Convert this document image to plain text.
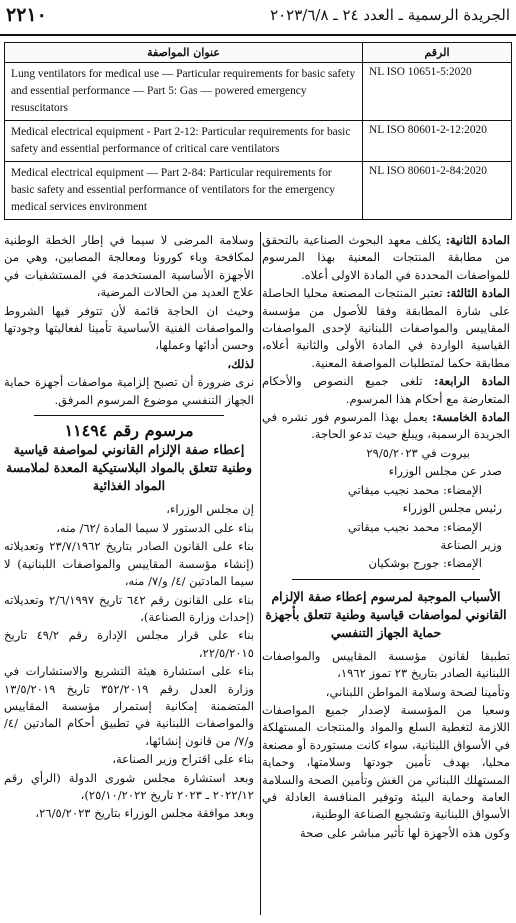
٢٢١٠	الجريدة الرسمية ـ العدد ٢٤ ـ ٢٠٢٣/٦/٨
عنوان المواصفة	الرقم
Lung ventilators for medical use — Particular requirements for basic safety and essential performance — Part 5: Gas — powered emergency resuscitators	NL ISO 10651-5:2020
Medical electrical equipment - Part 2-12: Particular requirements for basic safety and essential performance of critical care ventilators	NL ISO 80601-2-12:2020
Medical electrical equipment — Part 2-84: Particular requirements for basic safety and essential performance of ventilators for the emergency medical services environment	NL ISO 80601-2-84:2020

المادة الثانية: يكلف معهد البحوث الصناعية بالتحقق من مطابقة المنتجات المعنية بهذا المرسوم للمواصفات المحددة في المادة الاولى أعلاه.

المادة الثالثة: تعتبر المنتجات المصنعة محليا الحاصلة على شارة المطابقة وفقا للأصول من مؤسسة المقاييس والمواصفات اللبنانية لإحدى المواصفات القياسية الواردة في المادة الأولى والثانية أعلاه، مطابقة حكما لمتطلبات المواصفة المعنية.

المادة الرابعة: تلغى جميع النصوص والأحكام المتعارضة مع أحكام هذا المرسوم.

المادة الخامسة: يعمل بهذا المرسوم فور نشره في الجريدة الرسمية، ويبلغ حيث تدعو الحاجة.

بيروت في ٢٩/٥/٢٠٢٣

صدر عن مجلس الوزراء

الإمضاء: محمد نجيب ميقاتي

رئيس مجلس الوزراء

الإمضاء: محمد نجيب ميقاتي

وزير الصناعة

الإمضاء: جورج بوشكيان

الأسباب الموجبة لمرسوم إعطاء صفة الإلزام القانوني لمواصفات قياسية وطنية تتعلق بأجهزة حماية الجهاز التنفسي

تطبيقا لقانون مؤسسة المقاييس والمواصفات اللبنانية الصادر بتاريخ ٢٣ تموز ١٩٦٢،

وتأمينا لصحة وسلامة المواطن اللبناني،

وسعيا من المؤسسة لإصدار جميع المواصفات اللازمة لتغطية السلع والمواد والمنتجات المستهلكة في الأسواق اللبنانية، سواء كانت مستوردة أو مصنعة محليا، بهدف تأمين جودتها وسلامتها، وحماية المستهلك اللبناني من الغش وتأمين الصحة والسلامة العامة وحماية البيئة وتوفير المنافسة العادلة في الأسواق اللبنانية وتشجيع الصناعة الوطنية،

وكون هذه الأجهزة لها تأثير مباشر على صحة

وسلامة المرضى لا سيما في إطار الخطة الوطنية لمكافحة وباء كورونا ومعالجة المصابين، وهي من الأجهزة الأساسية المستخدمة في المستشفيات في علاج العديد من الحالات المرضية،

وحيث ان الحاجة قائمة لأن تتوفر فيها الشروط والمواصفات الفنية الأساسية تأمينا لفعاليتها وجودتها وحسن أدائها وعملها،

لذلك،

نرى ضرورة أن تصبح إلزامية مواصفات أجهزة حماية الجهاز التنفسي موضوع المرسوم المرفق.

مرسوم رقم ١١٤٩٤
إعطاء صفة الإلزام القانوني لمواصفة قياسية وطنية تتعلق بالمواد البلاستيكية المعدة لملامسة المواد الغذائية

إن مجلس الوزراء،

بناء على الدستور لا سيما المادة /٦٢/ منه،

بناء على القانون الصادر بتاريخ ٢٣/٧/١٩٦٢ وتعديلاته (إنشاء مؤسسة المقاييس والمواصفات اللبنانية) لا سيما المادتين /٤/ و/٧/ منه،

بناء على القانون رقم ٦٤٢ تاريخ ٢/٦/١٩٩٧ وتعديلاته (إحداث وزارة الصناعة)،

بناء على قرار مجلس الإدارة رقم ٤٩/٢ تاريخ ٢٢/٥/٢٠١٥،

بناء على استشارة هيئة التشريع والاستشارات في وزارة العدل رقم ٣٥٢/٢٠١٩ تاريخ ١٣/٥/٢٠١٩ المتضمنة إمكانية إستمرار مؤسسة المقاييس والمواصفات اللبنانية في تطبيق أحكام المادتين /٤/ و/٧/ من قانون إنشائها،

بناء على اقتراح وزير الصناعة،

وبعد استشارة مجلس شورى الدولة (الرأي رقم ٢٠٢٢/١٢ ـ ٢٠٢٣ تاريخ ٢٥/١٠/٢٠٢٢)،

وبعد موافقة مجلس الوزراء بتاريخ ٢٦/٥/٢٠٢٣،
